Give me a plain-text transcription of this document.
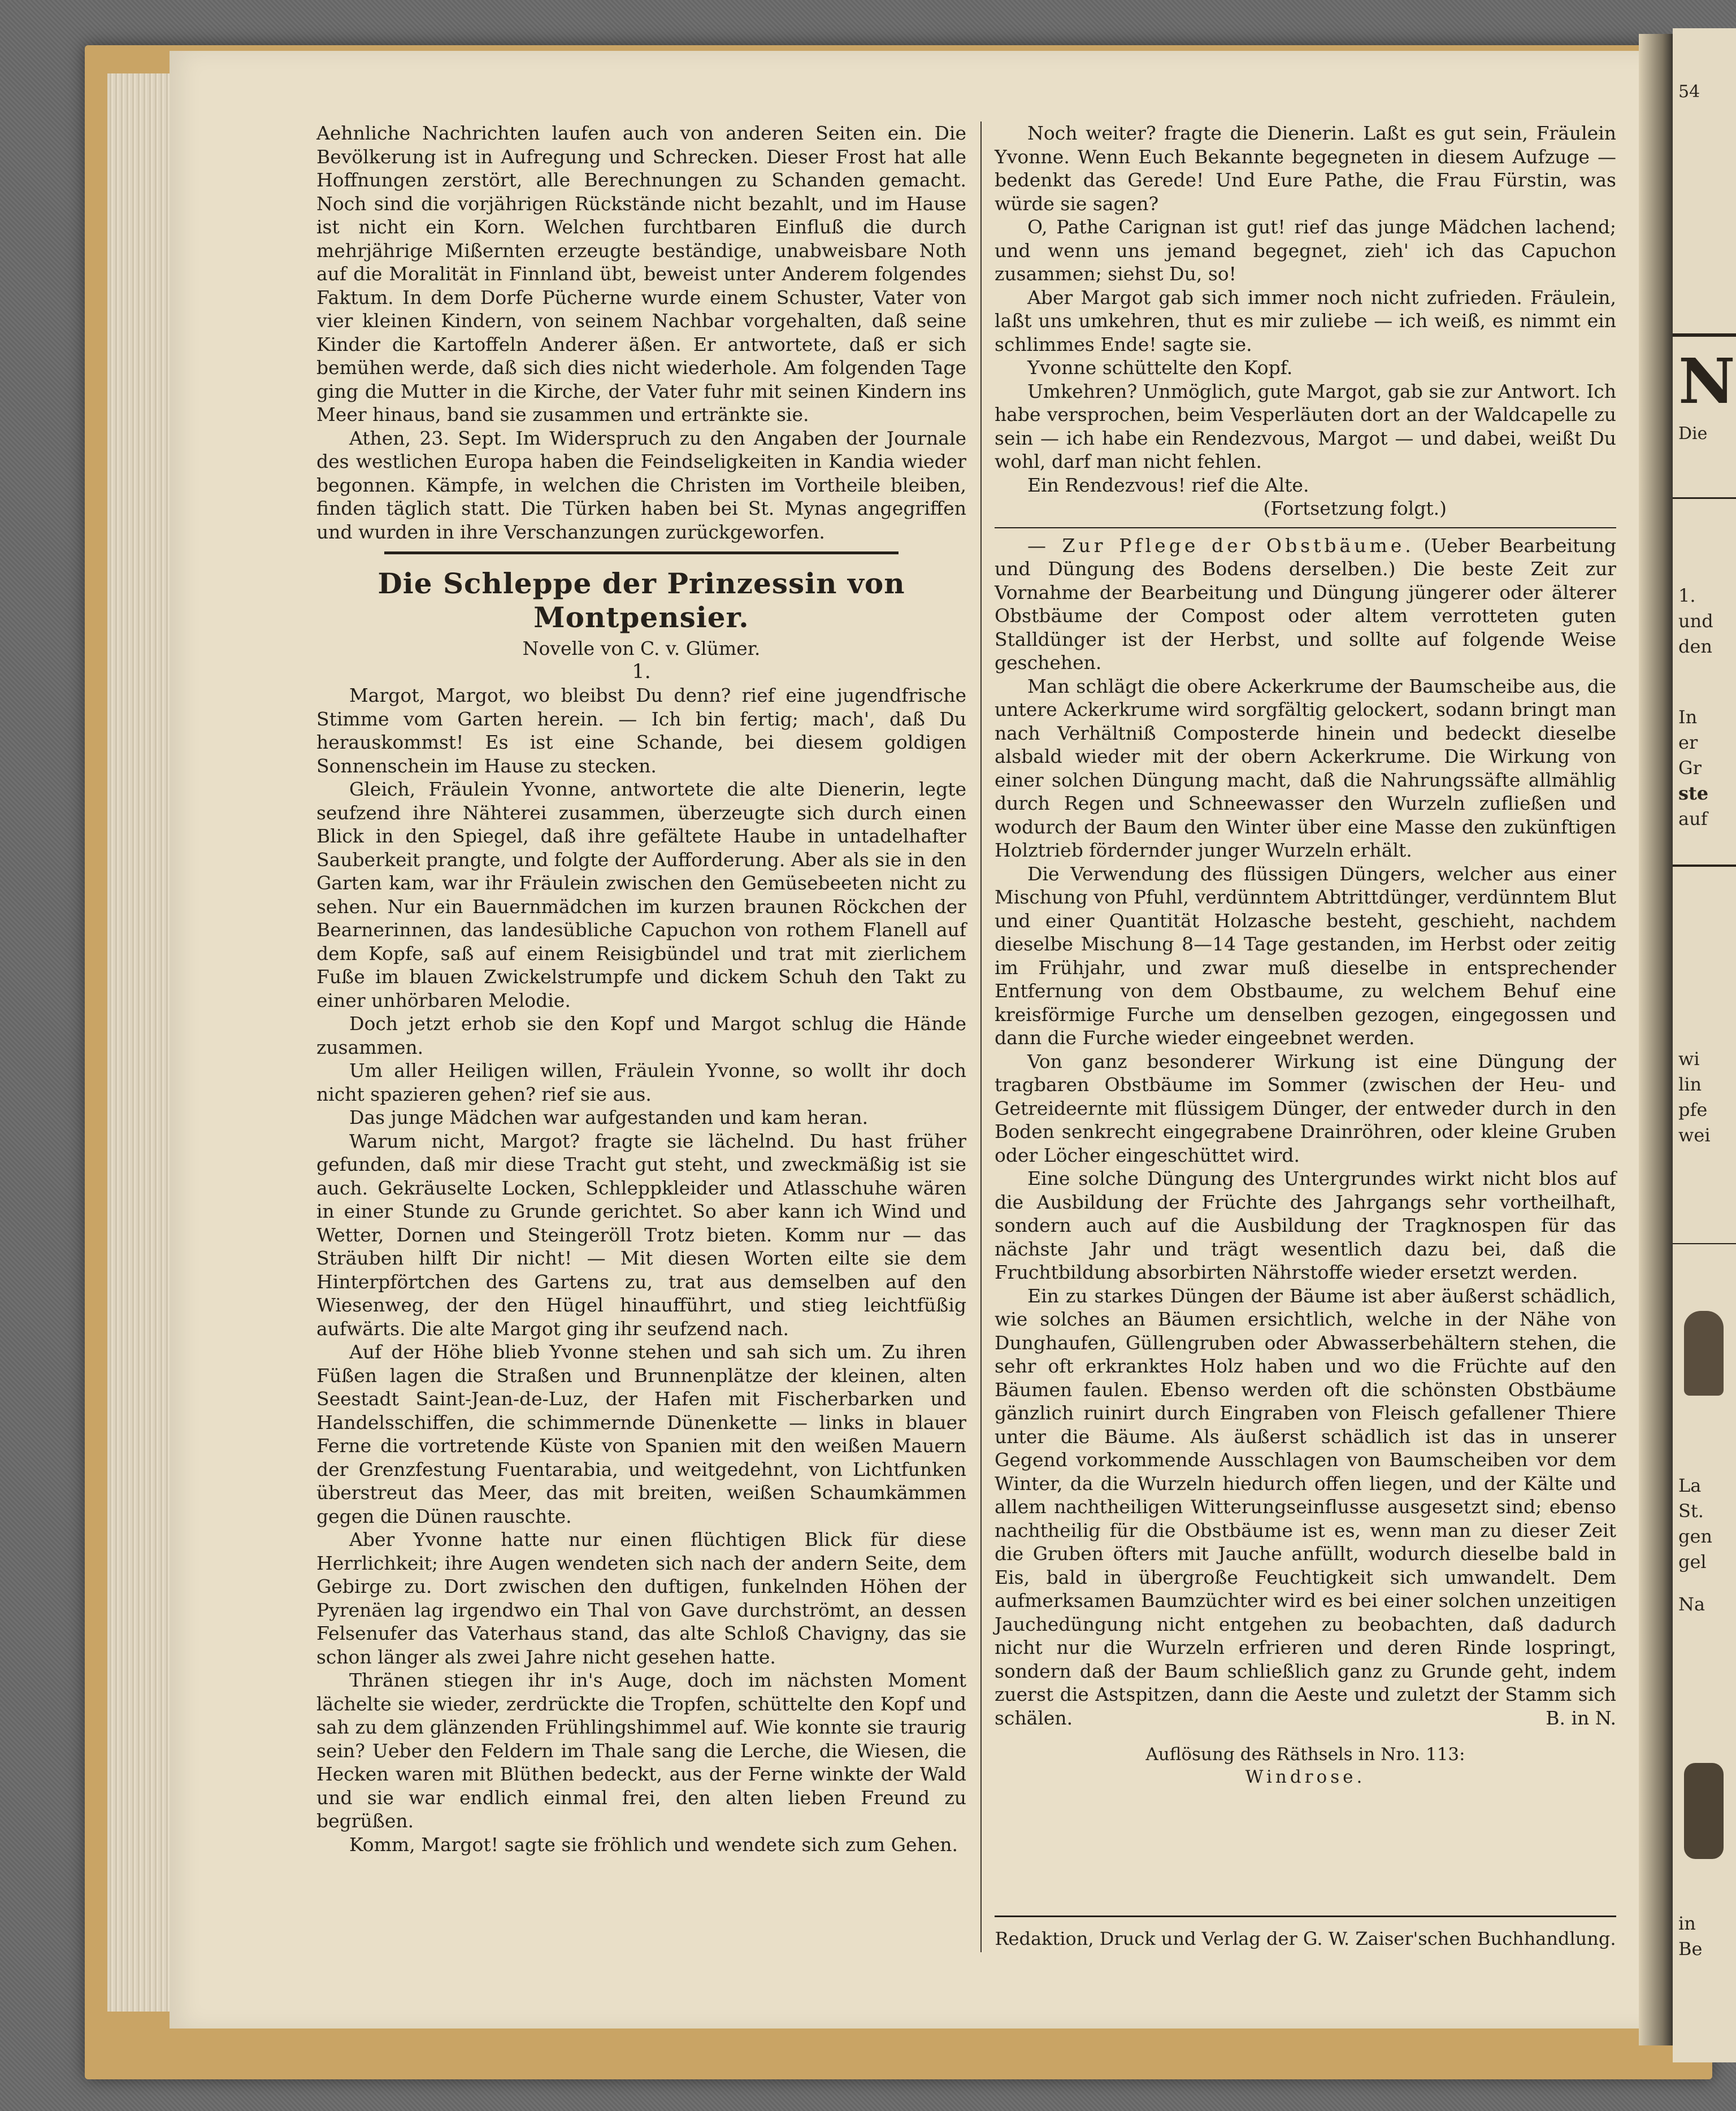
54
Die
N
1.
und
den
In
er
Gr
ste
auf
wi
lin
pfe
wei
La
St.
gen
gel
Na
in
Be

Aehnliche Nachrichten laufen auch von anderen Seiten ein. Die Bevölkerung ist in Aufregung und Schrecken. Dieser Frost hat alle Hoffnungen zerstört, alle Berechnungen zu Schanden gemacht. Noch sind die vorjährigen Rückstände nicht bezahlt, und im Hause ist nicht ein Korn. Welchen furchtbaren Einfluß die durch mehrjährige Mißernten erzeugte beständige, unabweisbare Noth auf die Moralität in Finnland übt, beweist unter Anderem folgendes Faktum. In dem Dorfe Pücherne wurde einem Schuster, Vater von vier kleinen Kindern, von seinem Nachbar vorgehalten, daß seine Kinder die Kartoffeln Anderer äßen. Er antwortete, daß er sich bemühen werde, daß sich dies nicht wiederhole. Am folgenden Tage ging die Mutter in die Kirche, der Vater fuhr mit seinen Kindern ins Meer hinaus, band sie zusammen und ertränkte sie.

Athen, 23. Sept. Im Widerspruch zu den Angaben der Journale des westlichen Europa haben die Feindseligkeiten in Kandia wieder begonnen. Kämpfe, in welchen die Christen im Vortheile bleiben, finden täglich statt. Die Türken haben bei St. Mynas angegriffen und wurden in ihre Verschanzungen zurückgeworfen.

Die Schleppe der Prinzessin von Montpensier.
Novelle von C. v. Glümer.
1.

Margot, Margot, wo bleibst Du denn? rief eine jugendfrische Stimme vom Garten herein. — Ich bin fertig; mach', daß Du herauskommst! Es ist eine Schande, bei diesem goldigen Sonnenschein im Hause zu stecken.

Gleich, Fräulein Yvonne, antwortete die alte Dienerin, legte seufzend ihre Nähterei zusammen, überzeugte sich durch einen Blick in den Spiegel, daß ihre gefältete Haube in untadelhafter Sauberkeit prangte, und folgte der Aufforderung. Aber als sie in den Garten kam, war ihr Fräulein zwischen den Gemüsebeeten nicht zu sehen. Nur ein Bauernmädchen im kurzen braunen Röckchen der Bearnerinnen, das landesübliche Capuchon von rothem Flanell auf dem Kopfe, saß auf einem Reisigbündel und trat mit zierlichem Fuße im blauen Zwickelstrumpfe und dickem Schuh den Takt zu einer unhörbaren Melodie.

Doch jetzt erhob sie den Kopf und Margot schlug die Hände zusammen.

Um aller Heiligen willen, Fräulein Yvonne, so wollt ihr doch nicht spazieren gehen? rief sie aus.

Das junge Mädchen war aufgestanden und kam heran.

Warum nicht, Margot? fragte sie lächelnd. Du hast früher gefunden, daß mir diese Tracht gut steht, und zweckmäßig ist sie auch. Gekräuselte Locken, Schleppkleider und Atlasschuhe wären in einer Stunde zu Grunde gerichtet. So aber kann ich Wind und Wetter, Dornen und Steingeröll Trotz bieten. Komm nur — das Sträuben hilft Dir nicht! — Mit diesen Worten eilte sie dem Hinterpförtchen des Gartens zu, trat aus demselben auf den Wiesenweg, der den Hügel hinaufführt, und stieg leichtfüßig aufwärts. Die alte Margot ging ihr seufzend nach.

Auf der Höhe blieb Yvonne stehen und sah sich um. Zu ihren Füßen lagen die Straßen und Brunnenplätze der kleinen, alten Seestadt Saint-Jean-de-Luz, der Hafen mit Fischerbarken und Handelsschiffen, die schimmernde Dünenkette — links in blauer Ferne die vortretende Küste von Spanien mit den weißen Mauern der Grenzfestung Fuentarabia, und weitgedehnt, von Lichtfunken überstreut das Meer, das mit breiten, weißen Schaumkämmen gegen die Dünen rauschte.

Aber Yvonne hatte nur einen flüchtigen Blick für diese Herrlichkeit; ihre Augen wendeten sich nach der andern Seite, dem Gebirge zu. Dort zwischen den duftigen, funkelnden Höhen der Pyrenäen lag irgendwo ein Thal von Gave durchströmt, an dessen Felsenufer das Vaterhaus stand, das alte Schloß Chavigny, das sie schon länger als zwei Jahre nicht gesehen hatte.

Thränen stiegen ihr in's Auge, doch im nächsten Moment lächelte sie wieder, zerdrückte die Tropfen, schüttelte den Kopf und sah zu dem glänzenden Frühlingshimmel auf. Wie konnte sie traurig sein? Ueber den Feldern im Thale sang die Lerche, die Wiesen, die Hecken waren mit Blüthen bedeckt, aus der Ferne winkte der Wald und sie war endlich einmal frei, den alten lieben Freund zu begrüßen.

Komm, Margot! sagte sie fröhlich und wendete sich zum Gehen.

Noch weiter? fragte die Dienerin. Laßt es gut sein, Fräulein Yvonne. Wenn Euch Bekannte begegneten in diesem Aufzuge — bedenkt das Gerede! Und Eure Pathe, die Frau Fürstin, was würde sie sagen?

O, Pathe Carignan ist gut! rief das junge Mädchen lachend; und wenn uns jemand begegnet, zieh' ich das Capuchon zusammen; siehst Du, so!

Aber Margot gab sich immer noch nicht zufrieden. Fräulein, laßt uns umkehren, thut es mir zuliebe — ich weiß, es nimmt ein schlimmes Ende! sagte sie.

Yvonne schüttelte den Kopf.

Umkehren? Unmöglich, gute Margot, gab sie zur Antwort. Ich habe versprochen, beim Vesperläuten dort an der Waldcapelle zu sein — ich habe ein Rendezvous, Margot — und dabei, weißt Du wohl, darf man nicht fehlen.

Ein Rendezvous! rief die Alte.

(Fortsetzung folgt.)

— Zur Pflege der Obstbäume. (Ueber Bearbeitung und Düngung des Bodens derselben.) Die beste Zeit zur Vornahme der Bearbeitung und Düngung jüngerer oder älterer Obstbäume der Compost oder altem verrotteten guten Stalldünger ist der Herbst, und sollte auf folgende Weise geschehen.

Man schlägt die obere Ackerkrume der Baumscheibe aus, die untere Ackerkrume wird sorgfältig gelockert, sodann bringt man nach Verhältniß Composterde hinein und bedeckt dieselbe alsbald wieder mit der obern Ackerkrume. Die Wirkung von einer solchen Düngung macht, daß die Nahrungssäfte allmählig durch Regen und Schneewasser den Wurzeln zufließen und wodurch der Baum den Winter über eine Masse den zukünftigen Holztrieb fördernder junger Wurzeln erhält.

Die Verwendung des flüssigen Düngers, welcher aus einer Mischung von Pfuhl, verdünntem Abtrittdünger, verdünntem Blut und einer Quantität Holzasche besteht, geschieht, nachdem dieselbe Mischung 8—14 Tage gestanden, im Herbst oder zeitig im Frühjahr, und zwar muß dieselbe in entsprechender Entfernung von dem Obstbaume, zu welchem Behuf eine kreisförmige Furche um denselben gezogen, eingegossen und dann die Furche wieder eingeebnet werden.

Von ganz besonderer Wirkung ist eine Düngung der tragbaren Obstbäume im Sommer (zwischen der Heu- und Getreideernte mit flüssigem Dünger, der entweder durch in den Boden senkrecht eingegrabene Drainröhren, oder kleine Gruben oder Löcher eingeschüttet wird.

Eine solche Düngung des Untergrundes wirkt nicht blos auf die Ausbildung der Früchte des Jahrgangs sehr vortheilhaft, sondern auch auf die Ausbildung der Tragknospen für das nächste Jahr und trägt wesentlich dazu bei, daß die Fruchtbildung absorbirten Nährstoffe wieder ersetzt werden.

Ein zu starkes Düngen der Bäume ist aber äußerst schädlich, wie solches an Bäumen ersichtlich, welche in der Nähe von Dunghaufen, Güllengruben oder Abwasserbehältern stehen, die sehr oft erkranktes Holz haben und wo die Früchte auf den Bäumen faulen. Ebenso werden oft die schönsten Obstbäume gänzlich ruinirt durch Eingraben von Fleisch gefallener Thiere unter die Bäume. Als äußerst schädlich ist das in unserer Gegend vorkommende Ausschlagen von Baumscheiben vor dem Winter, da die Wurzeln hiedurch offen liegen, und der Kälte und allem nachtheiligen Witterungseinflusse ausgesetzt sind; ebenso nachtheilig für die Obstbäume ist es, wenn man zu dieser Zeit die Gruben öfters mit Jauche anfüllt, wodurch dieselbe bald in Eis, bald in übergroße Feuchtigkeit sich umwandelt. Dem aufmerksamen Baumzüchter wird es bei einer solchen unzeitigen Jauchedüngung nicht entgehen zu beobachten, daß dadurch nicht nur die Wurzeln erfrieren und deren Rinde lospringt, sondern daß der Baum schließlich ganz zu Grunde geht, indem zuerst die Astspitzen, dann die Aeste und zuletzt der Stamm sich schälen.	B. in N.

Auflösung des Räthsels in Nro. 113:
Windrose.
Redaktion, Druck und Verlag der G. W. Zaiser'schen Buchhandlung.
